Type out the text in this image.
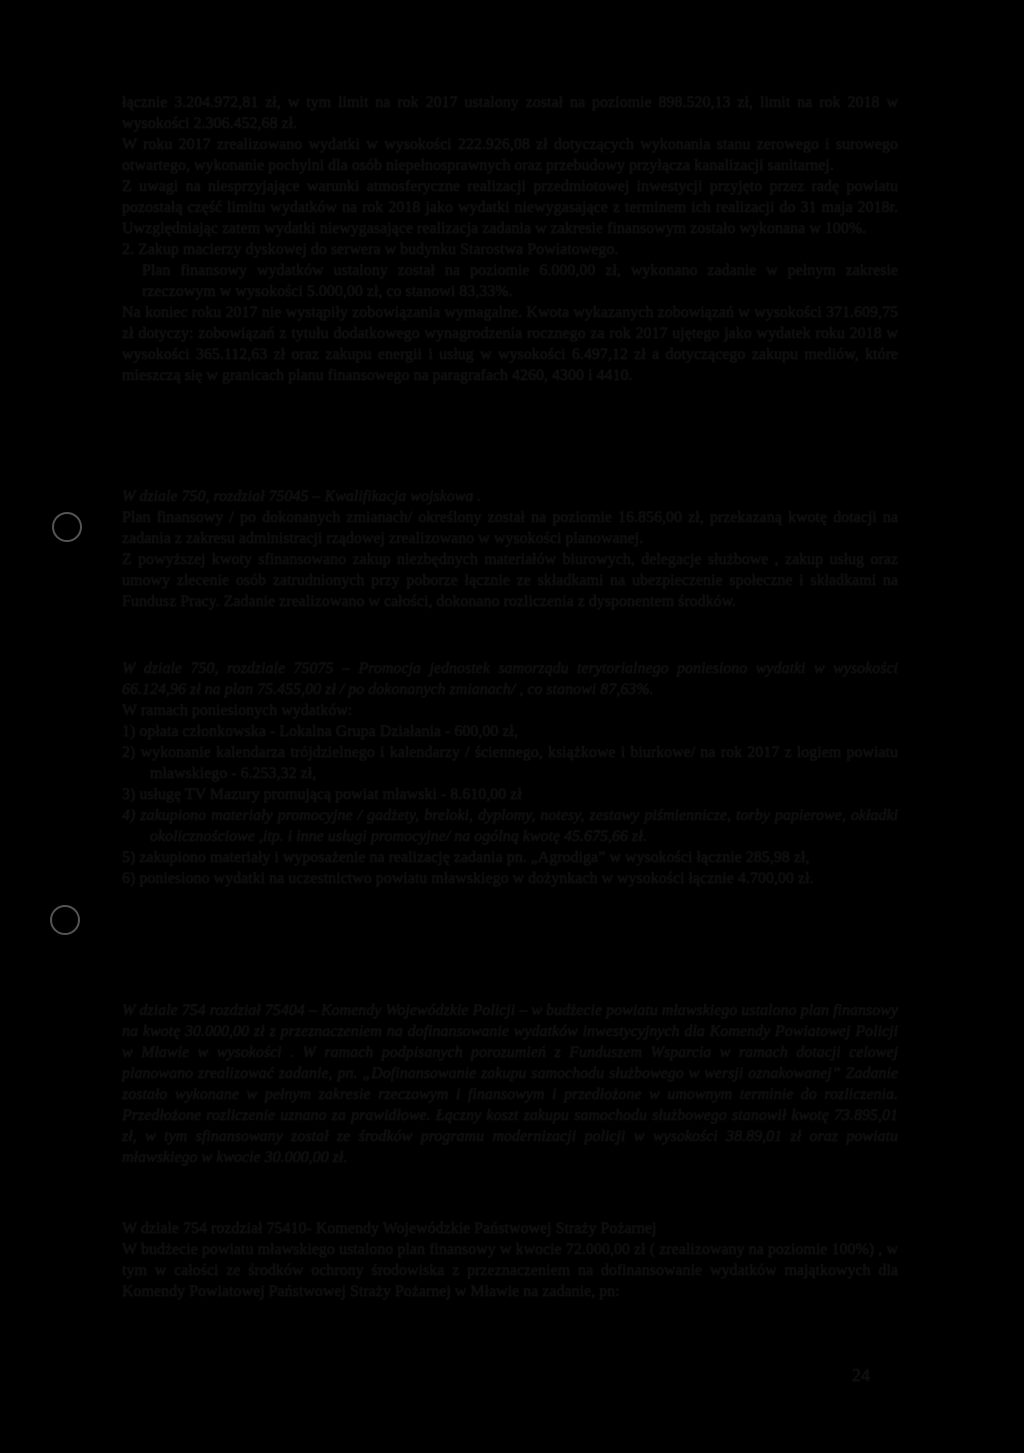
łącznie 3.204.972,81 zł, w tym limit na rok 2017 ustalony został na poziomie 898.520,13 zł, limit na rok 2018 w wysokości 2.306.452,68 zł.

W roku 2017 zrealizowano wydatki w wysokości 222.926,08 zł dotyczących wykonania stanu zerowego i surowego otwartego, wykonanie pochylni dla osób niepełnosprawnych oraz przebudowy przyłącza kanalizacji sanitarnej.

Z uwagi na niesprzyjające warunki atmosferyczne realizacji przedmiotowej inwestycji przyjęto przez radę powiatu pozostałą część limitu wydatków na rok 2018 jako wydatki niewygasające z terminem ich realizacji do 31 maja 2018r. Uwzględniając zatem wydatki niewygasające realizacja zadania w zakresie finansowym zostało wykonana w 100%.

2. Zakup macierzy dyskowej do serwera w budynku Starostwa Powiatowego.

Plan finansowy wydatków ustalony został na poziomie 6.000,00 zł, wykonano zadanie w pełnym zakresie rzeczowym w wysokości 5.000,00 zł, co stanowi 83,33%.

Na koniec roku 2017 nie wystąpiły zobowiązania wymagalne. Kwota wykazanych zobowiązań w wysokości 371.609,75 zł dotyczy: zobowiązań z tytułu dodatkowego wynagrodzenia rocznego za rok 2017 ujętego jako wydatek roku 2018 w wysokości 365.112,63 zł oraz zakupu energii i usług w wysokości 6.497,12 zł a dotyczącego zakupu mediów, które mieszczą się w granicach planu finansowego na paragrafach 4260, 4300 i 4410.

W dziale 750, rozdział 75045 – Kwalifikacja wojskowa .

Plan finansowy / po dokonanych zmianach/ określony został na poziomie 16.856,00 zł, przekazaną kwotę dotacji na zadania z zakresu administracji rządowej zrealizowano w wysokości planowanej.

Z powyższej kwoty sfinansowano zakup niezbędnych materiałów biurowych, delegacje służbowe , zakup usług oraz umowy zlecenie osób zatrudnionych przy poborze łącznie ze składkami na ubezpieczenie społeczne i składkami na Fundusz Pracy. Zadanie zrealizowano w całości, dokonano rozliczenia z dysponentem środków.

W dziale 750, rozdziale 75075 – Promocja jednostek samorządu terytorialnego poniesiono wydatki w wysokości 66.124,96 zł na plan 75.455,00 zł / po dokonanych zmianach/ , co stanowi 87,63%.

W ramach poniesionych wydatków:

1) opłata członkowska - Lokalna Grupa Działania - 600,00 zł,

2) wykonanie kalendarza trójdzielnego i kalendarzy / ściennego, książkowe i biurkowe/ na rok 2017 z logiem powiatu mławskiego - 6.253,32 zł,

3) usługę TV Mazury promującą powiat mławski - 8.610,00 zł

4) zakupiono materiały promocyjne / gadżety, breloki, dyplomy, notesy, zestawy piśmiennicze, torby papierowe, okładki okolicznościowe ,itp. i inne usługi promocyjne/ na ogólną kwotę 45.675,66 zł.

5) zakupiono materiały i wyposażenie na realizację zadania pn. „Agrodiga” w wysokości łącznie 285,98 zł,

6) poniesiono wydatki na uczestnictwo powiatu mławskiego w dożynkach w wysokości łącznie 4.700,00 zł.

W dziale 754 rozdział 75404 – Komendy Wojewódzkie Policji – w budżecie powiatu mławskiego ustalono plan finansowy na kwotę 30.000,00 zł z przeznaczeniem na dofinansowanie wydatków inwestycyjnych dla Komendy Powiatowej Policji w Mławie w wysokości . W ramach podpisanych porozumień z Funduszem Wsparcia w ramach dotacji celowej planowano zrealizować zadanie, pn. „Dofinansowanie zakupu samochodu służbowego w wersji oznakowanej” Zadanie zostało wykonane w pełnym zakresie rzeczowym i finansowym i przedłożone w umownym terminie do rozliczenia. Przedłożone rozliczenie uznano za prawidłowe. Łączny koszt zakupu samochodu służbowego stanowił kwotę 73.895,01 zł, w tym sfinansowany został ze środków programu modernizacji policji w wysokości 38.89,01 zł oraz powiatu mławskiego w kwocie 30.000,00 zł.

W dziale 754 rozdział 75410- Komendy Wojewódzkie Państwowej Straży Pożarnej

W budżecie powiatu mławskiego ustalono plan finansowy w kwocie 72.000,00 zł ( zrealizowany na poziomie 100%) , w tym w całości ze środków ochrony środowiska z przeznaczeniem na dofinansowanie wydatków majątkowych dla Komendy Powiatowej Państwowej Straży Pożarnej w Mławie na zadanie, pn:

24
